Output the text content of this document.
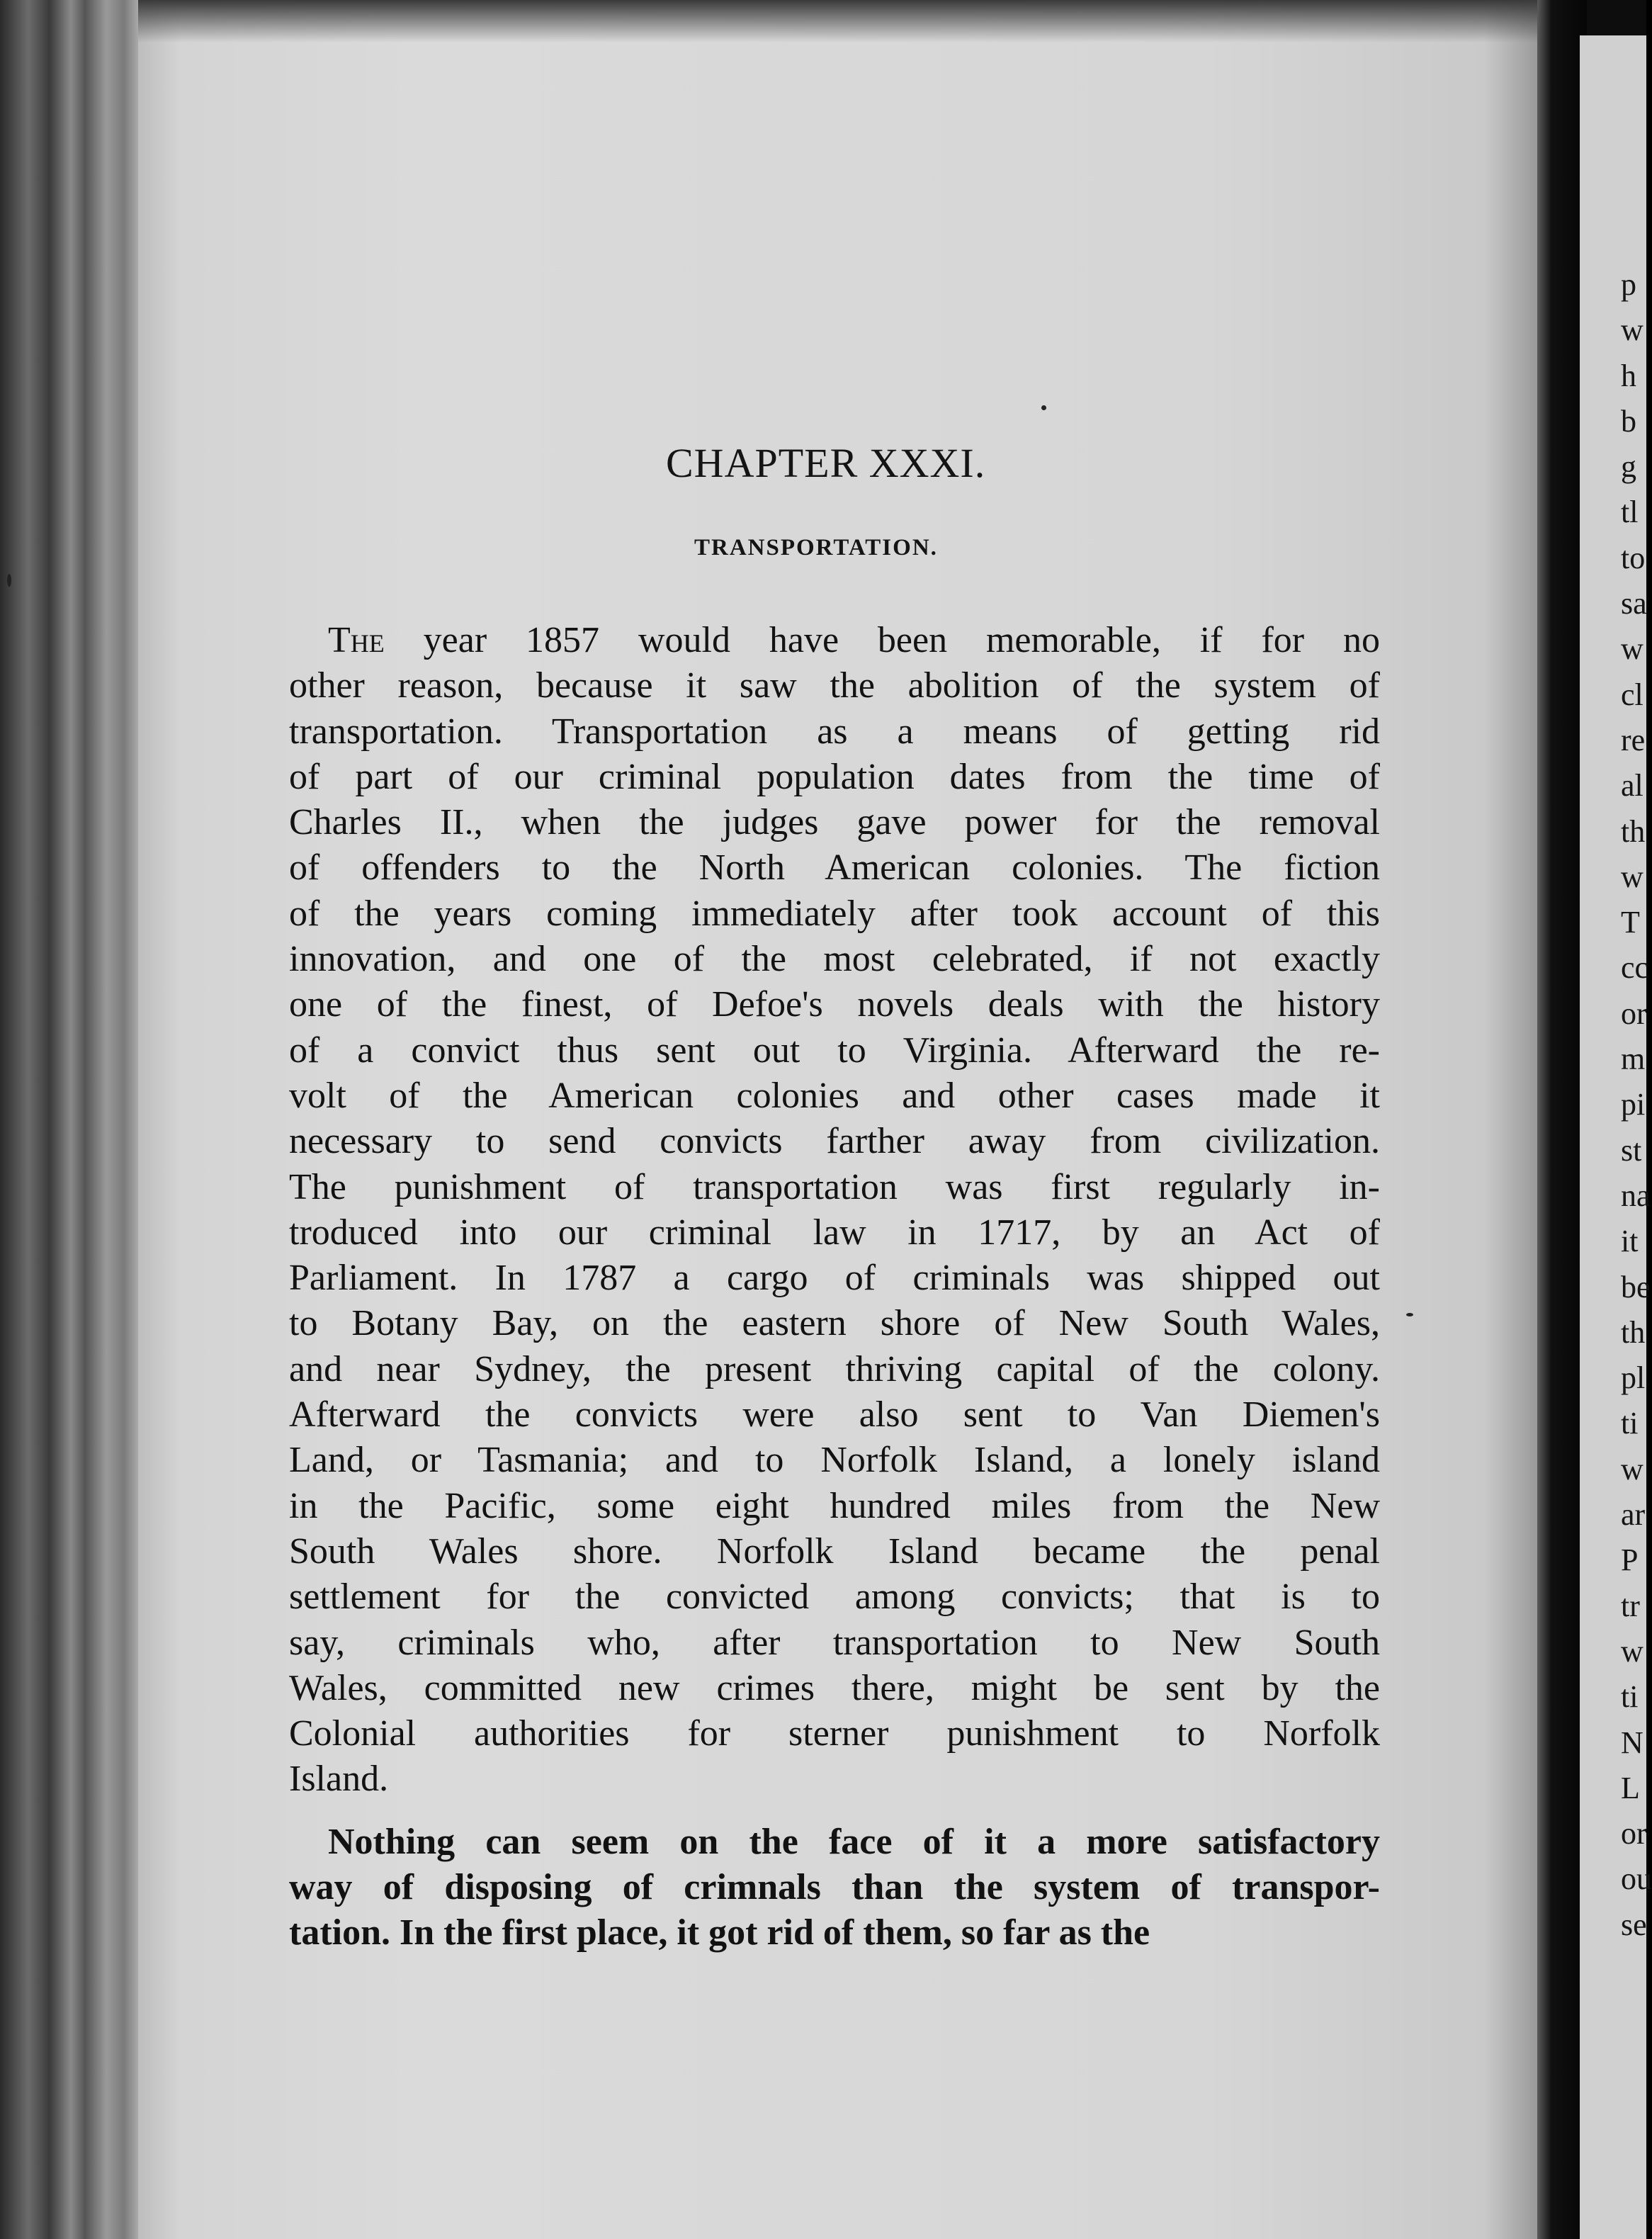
CHAPTER XXXI.
TRANSPORTATION.
The year 1857 would have been memorable, if for no
other reason, because it saw the abolition of the system of
transportation. Transportation as a means of getting rid
of part of our criminal population dates from the time of
Charles II., when the judges gave power for the removal
of offenders to the North American colonies. The fiction
of the years coming immediately after took account of this
innovation, and one of the most celebrated, if not exactly
one of the finest, of Defoe's novels deals with the history
of a convict thus sent out to Virginia. Afterward the re-
volt of the American colonies and other cases made it
necessary to send convicts farther away from civilization.
The punishment of transportation was first regularly in-
troduced into our criminal law in 1717, by an Act of
Parliament. In 1787 a cargo of criminals was shipped out
to Botany Bay, on the eastern shore of New South Wales,
and near Sydney, the present thriving capital of the colony.
Afterward the convicts were also sent to Van Diemen's
Land, or Tasmania; and to Norfolk Island, a lonely island
in the Pacific, some eight hundred miles from the New
South Wales shore. Norfolk Island became the penal
settlement for the convicted among convicts; that is to
say, criminals who, after transportation to New South
Wales, committed new crimes there, might be sent by the
Colonial authorities for sterner punishment to Norfolk
Island.
Nothing can seem on the face of it a more satisfactory
way of disposing of crimnals than the system of transpor-
tation. In the first place, it got rid of them, so far as the
p
w
h
b
g
tl
to
sa
w
cl
re
al
th
w
T
cc
or
m
pi
st
na
it
be
th
pl
ti
w
ar
P
tr
w
ti
N
L
or
ou
se
